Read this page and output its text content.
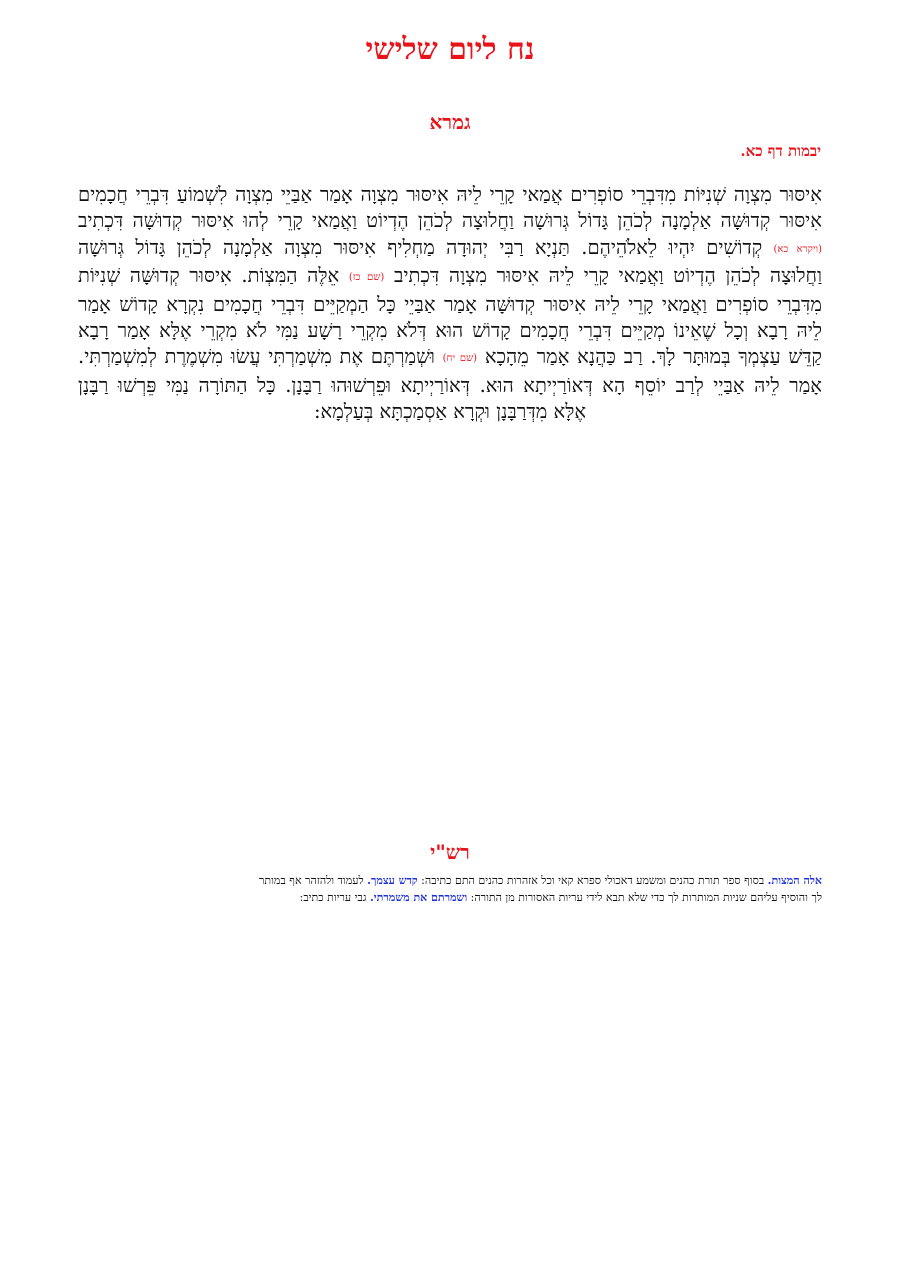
נח ליום שלישי
גמרא
יבמות דף כא.
אִיסּוּר מִצְוָה שְׁנִיּוֹת מִדִּבְרֵי סוֹפְרִים אֲמַאי קָרֵי לֵיהּ אִיסּוּר מִצְוָה אָמַר אַבַּיֵי מִצְוָה לִשְׁמוֹעַ דִּבְרֵי חֲכָמִים
אִיסּוּר קְדוּשָּׁה אַלְמָנָה לְכֹהֵן גָּדוֹל גְּרוּשָׁה וַחֲלוּצָה לְכֹהֵן הֶדְיוֹט וַאֲמַאי קָרֵי לְהוּ אִיסּוּר קְדוּשָּׁה דִּכְתִיב
(ויקרא כא) קְדוֹשִׁים יִהְיוּ לֵאלֹהֵיהֶם. תַּנְיָא רַבִּי יְהוּדָה מַחְלִיף אִיסּוּר מִצְוָה אַלְמָנָה לְכֹהֵן גָּדוֹל גְּרוּשָׁה
וַחֲלוּצָה לְכֹהֵן הֶדְיוֹט וַאֲמַאי קָרֵי לֵיהּ אִיסּוּר מִצְוָה דִּכְתִיב (שם כז) אֵלֶּה הַמִּצְוֹת. אִיסּוּר קְדוּשָּׁה שְׁנִיּוֹת
מִדִּבְרֵי סוֹפְרִים וַאֲמַאי קָרֵי לֵיהּ אִיסּוּר קְדוּשָּׁה אָמַר אַבַּיֵי כָּל הַמְקַיֵּים דִּבְרֵי חֲכָמִים נִקְרָא קָדוֹשׁ אָמַר
לֵיהּ רָבָא וְכָל שֶׁאֵינוֹ מְקַיֵּים דִּבְרֵי חֲכָמִים קָדוֹשׁ הוּא דְּלֹא מִקְרֵי רָשָׁע נַמִּי לֹא מִקְרֵי אֶלָּא אָמַר רָבָא
קַדֵּשׁ עַצְמְךָ בְּמוּתָּר לָךְ. רַב כַּהֲנָא אָמַר מֵהָכָא (שם יח) וּשְׁמַרְתֶּם אֶת מִשְׁמַרְתִּי עֲשׂוּ מִשְׁמֶרֶת לְמִשְׁמַרְתִּי.
אָמַר לֵיהּ אַבַּיֵי לְרַב יוֹסֵף הָא דְּאוֹרַיְיתָא הוּא. דְּאוֹרַיְיתָא וּפֵרְשׁוּהוּ רַבָּנָן. כָּל הַתּוֹרָה נַמִּי פֵּרְשׁוּ רַבָּנָן
אֶלָּא מִדְּרַבָּנָן וּקְרָא אַסְמַכְתָּא בְּעַלְמָא:
רש"י
אלה המצות. בסוף ספר תורת כהנים ומשמע דאכולי ספרא קאי וכל אזהרות כהנים התם כתיבה: קדש עצמך. לעמוד ולהזהר אף במותר
לך והוסיף עליהם שניות המותרות לך כדי שלא תבא לידי עריות האסורות מן התורה: ושמרתם את משמרתי. גבי עריות כתיב:
